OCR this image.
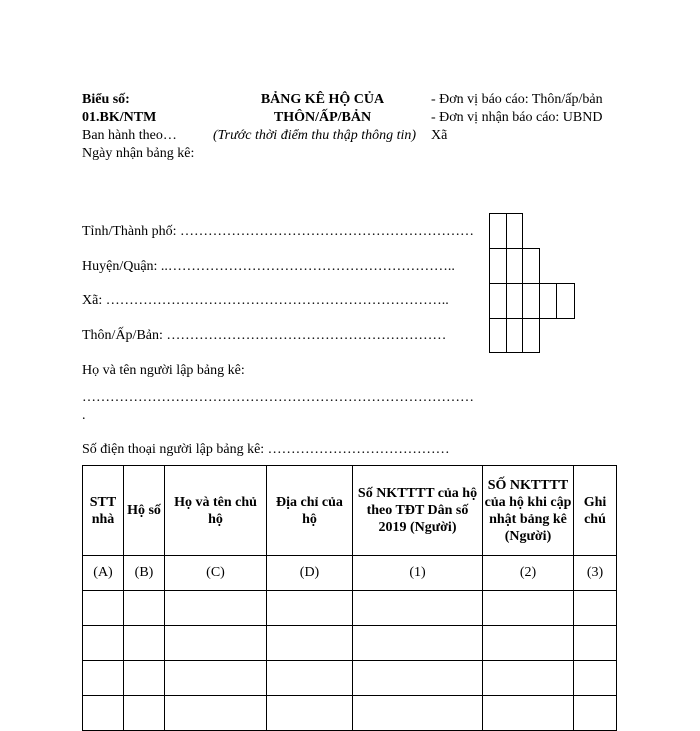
Biểu số:
01.BK/NTM
Ban hành theo…
Ngày nhận bảng kê:
BẢNG KÊ HỘ CỦA
THÔN/ẤP/BẢN
(Trước thời điểm thu thập thông tin)
- Đơn vị báo cáo: Thôn/ấp/bản
- Đơn vị nhận báo cáo: UBND
Xã
Tỉnh/Thành phố: ………………………………………………………
Huyện/Quận: ..……………………………………………………..
Xã: ………………………………………………………………..
Thôn/Ấp/Bản: ……………………………………………………
Họ và tên người lập bảng kê:
…………………………………………………………………………
.
Số điện thoại người lập bảng kê: …………………………………
STT nhà	Hộ số	Họ và tên chủ hộ	Địa chỉ của hộ	Số NKTTTT của hộ theo TĐT Dân số 2019 (Người)	SỐ NKTTTT của hộ khi cập nhật bảng kê (Người)	Ghi chú
(A)	(B)	(C)	(D)	(1)	(2)	(3)
